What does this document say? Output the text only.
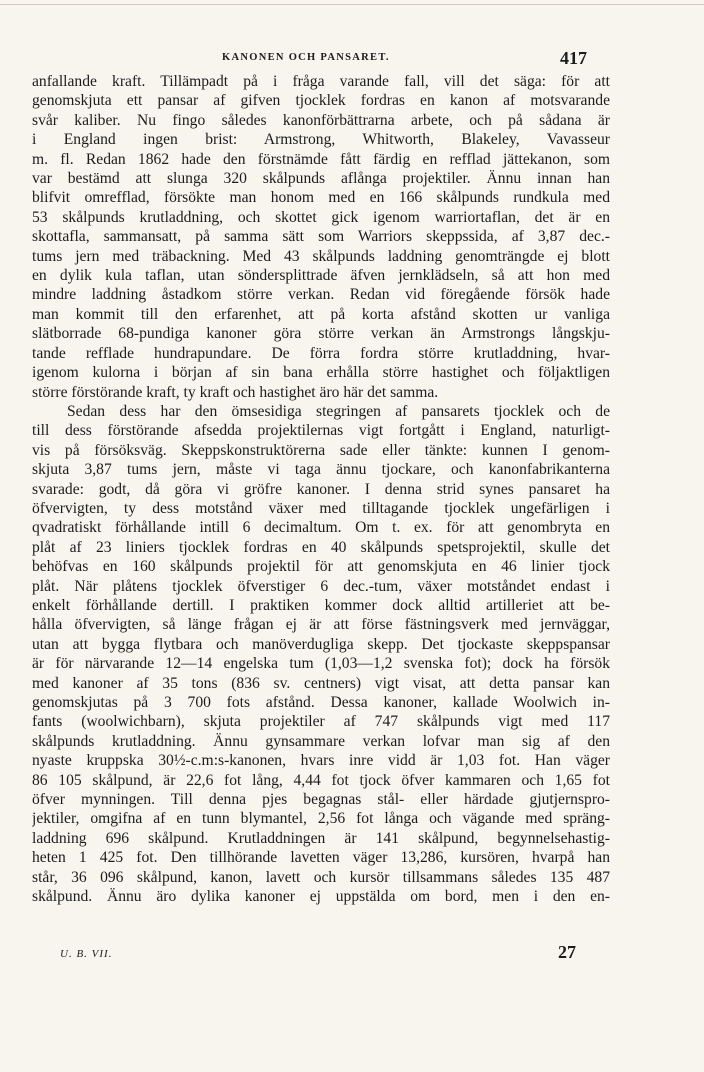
KANONEN OCH PANSARET.	417
anfallande kraft. Tillämpadt på i fråga varande fall, vill det säga: för att
genomskjuta ett pansar af gifven tjocklek fordras en kanon af motsvarande
svår kaliber. Nu fingo således kanonförbättrarna arbete, och på sådana är
i England ingen brist: Armstrong, Whitworth, Blakeley, Vavasseur
m. fl. Redan 1862 hade den förstnämde fått färdig en refflad jättekanon, som
var bestämd att slunga 320 skålpunds aflånga projektiler. Ännu innan han
blifvit omrefflad, försökte man honom med en 166 skålpunds rundkula med
53 skålpunds krutladdning, och skottet gick igenom warriortaflan, det är en
skottafla, sammansatt, på samma sätt som Warriors skeppssida, af 3,87 dec.-
tums jern med träbackning. Med 43 skålpunds laddning genomträngde ej blott
en dylik kula taflan, utan söndersplittrade äfven jernklädseln, så att hon med
mindre laddning åstadkom större verkan. Redan vid föregående försök hade
man kommit till den erfarenhet, att på korta afstånd skotten ur vanliga
slätborrade 68-pundiga kanoner göra större verkan än Armstrongs långskju-
tande refflade hundrapundare. De förra fordra större krutladdning, hvar-
igenom kulorna i början af sin bana erhålla större hastighet och följaktligen
större förstörande kraft, ty kraft och hastighet äro här det samma.
Sedan dess har den ömsesidiga stegringen af pansarets tjocklek och de
till dess förstörande afsedda projektilernas vigt fortgått i England, naturligt-
vis på försöksväg. Skeppskonstruktörerna sade eller tänkte: kunnen I genom-
skjuta 3,87 tums jern, måste vi taga ännu tjockare, och kanonfabrikanterna
svarade: godt, då göra vi gröfre kanoner. I denna strid synes pansaret ha
öfvervigten, ty dess motstånd växer med tilltagande tjocklek ungefärligen i
qvadratiskt förhållande intill 6 decimaltum. Om t. ex. för att genombryta en
plåt af 23 liniers tjocklek fordras en 40 skålpunds spetsprojektil, skulle det
behöfvas en 160 skålpunds projektil för att genomskjuta en 46 linier tjock
plåt. När plåtens tjocklek öfverstiger 6 dec.-tum, växer motståndet endast i
enkelt förhållande dertill. I praktiken kommer dock alltid artilleriet att be-
hålla öfvervigten, så länge frågan ej är att förse fästningsverk med jernväggar,
utan att bygga flytbara och manöverdugliga skepp. Det tjockaste skeppspansar
är för närvarande 12—14 engelska tum (1,03—1,2 svenska fot); dock ha försök
med kanoner af 35 tons (836 sv. centners) vigt visat, att detta pansar kan
genomskjutas på 3 700 fots afstånd. Dessa kanoner, kallade Woolwich in-
fants (woolwichbarn), skjuta projektiler af 747 skålpunds vigt med 117
skålpunds krutladdning. Ännu gynsammare verkan lofvar man sig af den
nyaste kruppska 30½-c.m:s-kanonen, hvars inre vidd är 1,03 fot. Han väger
86 105 skålpund, är 22,6 fot lång, 4,44 fot tjock öfver kammaren och 1,65 fot
öfver mynningen. Till denna pjes begagnas stål- eller härdade gjutjernspro-
jektiler, omgifna af en tunn blymantel, 2,56 fot långa och vägande med spräng-
laddning 696 skålpund. Krutladdningen är 141 skålpund, begynnelsehastig-
heten 1 425 fot. Den tillhörande lavetten väger 13,286, kursören, hvarpå han
står, 36 096 skålpund, kanon, lavett och kursör tillsammans således 135 487
skålpund. Ännu äro dylika kanoner ej uppstälda om bord, men i den en-
U. B. VII.	27
